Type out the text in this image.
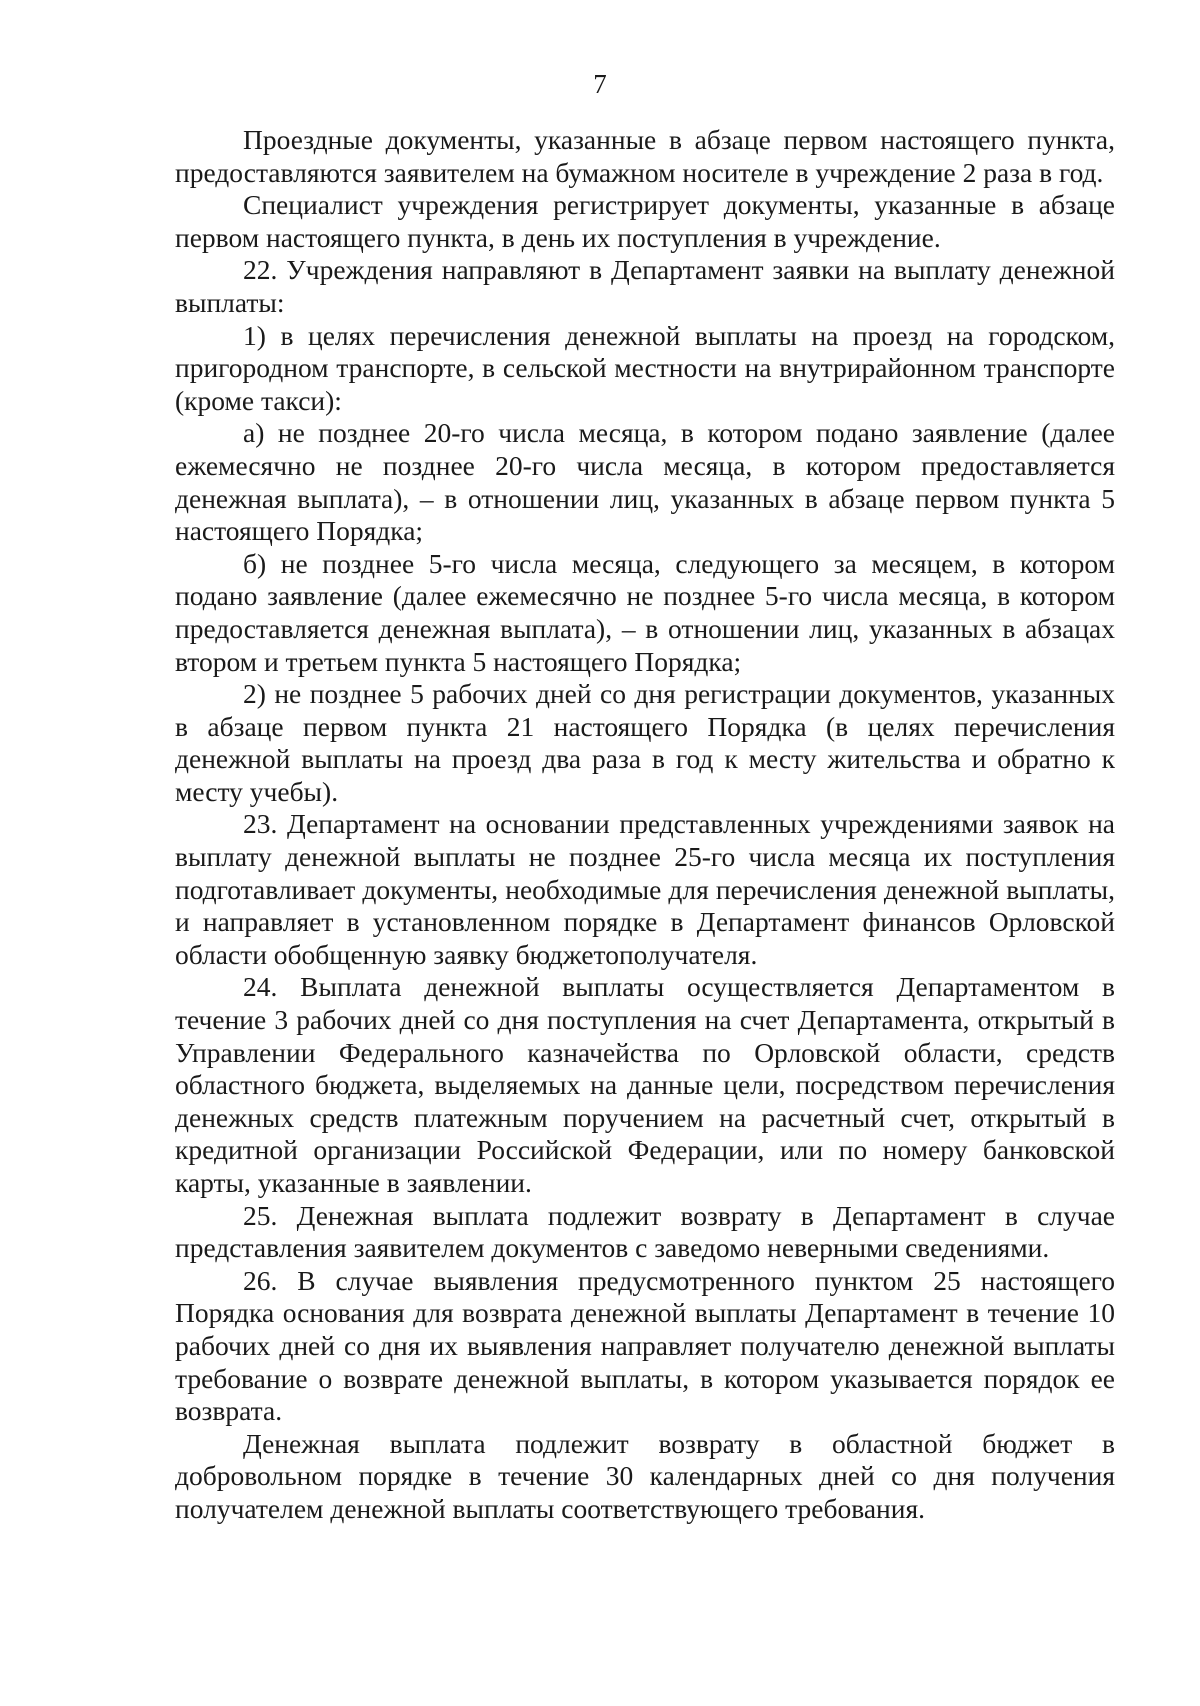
7

Проездные документы, указанные в абзаце первом настоящего пункта, предоставляются заявителем на бумажном носителе в учреждение 2 раза в год.

Специалист учреждения регистрирует документы, указанные в абзаце первом настоящего пункта, в день их поступления в учреждение.

22. Учреждения направляют в Департамент заявки на выплату денежной выплаты:

1) в целях перечисления денежной выплаты на проезд на городском, пригородном транспорте, в сельской местности на внутрирайонном транспорте (кроме такси):

а) не позднее 20-го числа месяца, в котором подано заявление (далее ежемесячно не позднее 20-го числа месяца, в котором предоставляется денежная выплата), – в отношении лиц, указанных в абзаце первом пункта 5 настоящего Порядка;

б) не позднее 5-го числа месяца, следующего за месяцем, в котором подано заявление (далее ежемесячно не позднее 5-го числа месяца, в котором предоставляется денежная выплата), – в отношении лиц, указанных в абзацах втором и третьем пункта 5 настоящего Порядка;

2) не позднее 5 рабочих дней со дня регистрации документов, указанных в абзаце первом пункта 21 настоящего Порядка (в целях перечисления денежной выплаты на проезд два раза в год к месту жительства и обратно к месту учебы).

23. Департамент на основании представленных учреждениями заявок на выплату денежной выплаты не позднее 25-го числа месяца их поступления подготавливает документы, необходимые для перечисления денежной выплаты, и направляет в установленном порядке в Департамент финансов Орловской области обобщенную заявку бюджетополучателя.

24. Выплата денежной выплаты осуществляется Департаментом в течение 3 рабочих дней со дня поступления на счет Департамента, открытый в Управлении Федерального казначейства по Орловской области, средств областного бюджета, выделяемых на данные цели, посредством перечисления денежных средств платежным поручением на расчетный счет, открытый в кредитной организации Российской Федерации, или по номеру банковской карты, указанные в заявлении.

25. Денежная выплата подлежит возврату в Департамент в случае представления заявителем документов с заведомо неверными сведениями.

26. В случае выявления предусмотренного пунктом 25 настоящего Порядка основания для возврата денежной выплаты Департамент в течение 10 рабочих дней со дня их выявления направляет получателю денежной выплаты требование о возврате денежной выплаты, в котором указывается порядок ее возврата.

Денежная выплата подлежит возврату в областной бюджет в добровольном порядке в течение 30 календарных дней со дня получения получателем денежной выплаты соответствующего требования.
